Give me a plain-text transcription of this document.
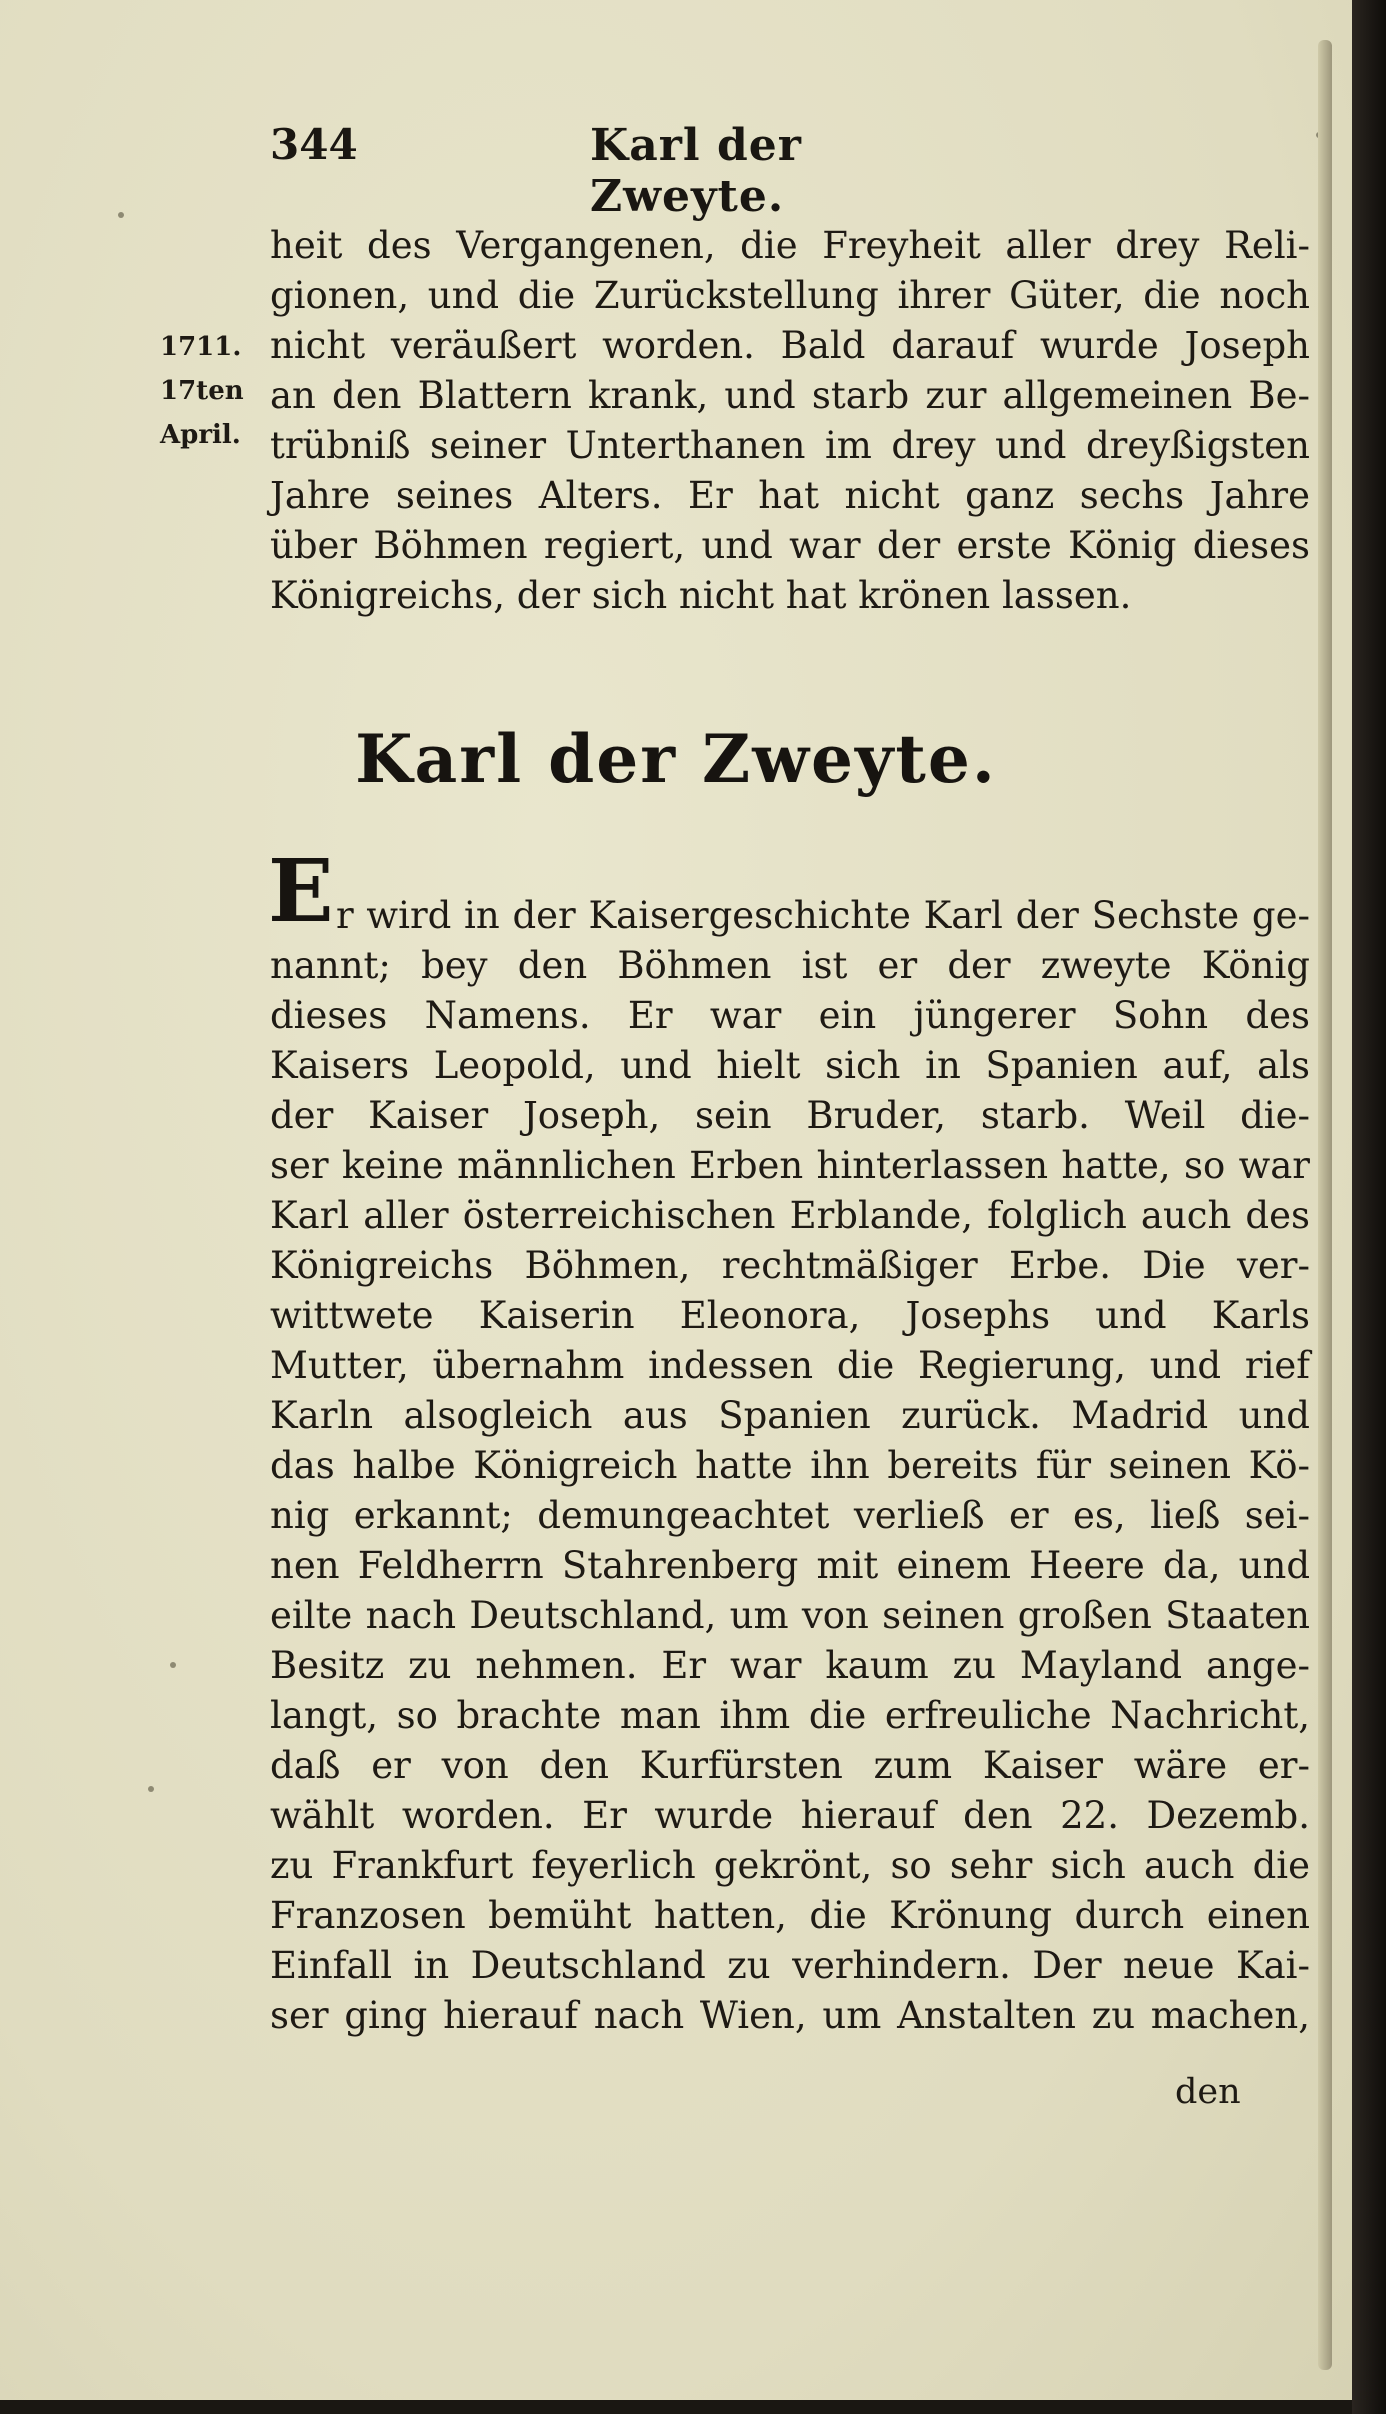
344	Karl der Zweyte.
heit des Vergangenen, die Freyheit aller drey Reli-
gionen, und die Zurückstellung ihrer Güter, die noch
nicht veräußert worden. Bald darauf wurde Joseph
an den Blattern krank, und starb zur allgemeinen Be-
trübniß seiner Unterthanen im drey und dreyßigsten
Jahre seines Alters. Er hat nicht ganz sechs Jahre
über Böhmen regiert, und war der erste König dieses
Königreichs, der sich nicht hat krönen lassen.
1711.
17ten
April.
Karl der Zweyte.
E r wird in der Kaisergeschichte Karl der Sechste ge-
nannt; bey den Böhmen ist er der zweyte König
dieses Namens. Er war ein jüngerer Sohn des
Kaisers Leopold, und hielt sich in Spanien auf, als
der Kaiser Joseph, sein Bruder, starb. Weil die-
ser keine männlichen Erben hinterlassen hatte, so war
Karl aller österreichischen Erblande, folglich auch des
Königreichs Böhmen, rechtmäßiger Erbe. Die ver-
wittwete Kaiserin Eleonora, Josephs und Karls
Mutter, übernahm indessen die Regierung, und rief
Karln alsogleich aus Spanien zurück. Madrid und
das halbe Königreich hatte ihn bereits für seinen Kö-
nig erkannt; demungeachtet verließ er es, ließ sei-
nen Feldherrn Stahrenberg mit einem Heere da, und
eilte nach Deutschland, um von seinen großen Staaten
Besitz zu nehmen. Er war kaum zu Mayland ange-
langt, so brachte man ihm die erfreuliche Nachricht,
daß er von den Kurfürsten zum Kaiser wäre er-
wählt worden. Er wurde hierauf den 22. Dezemb.
zu Frankfurt feyerlich gekrönt, so sehr sich auch die
Franzosen bemüht hatten, die Krönung durch einen
Einfall in Deutschland zu verhindern. Der neue Kai-
ser ging hierauf nach Wien, um Anstalten zu machen,
den
